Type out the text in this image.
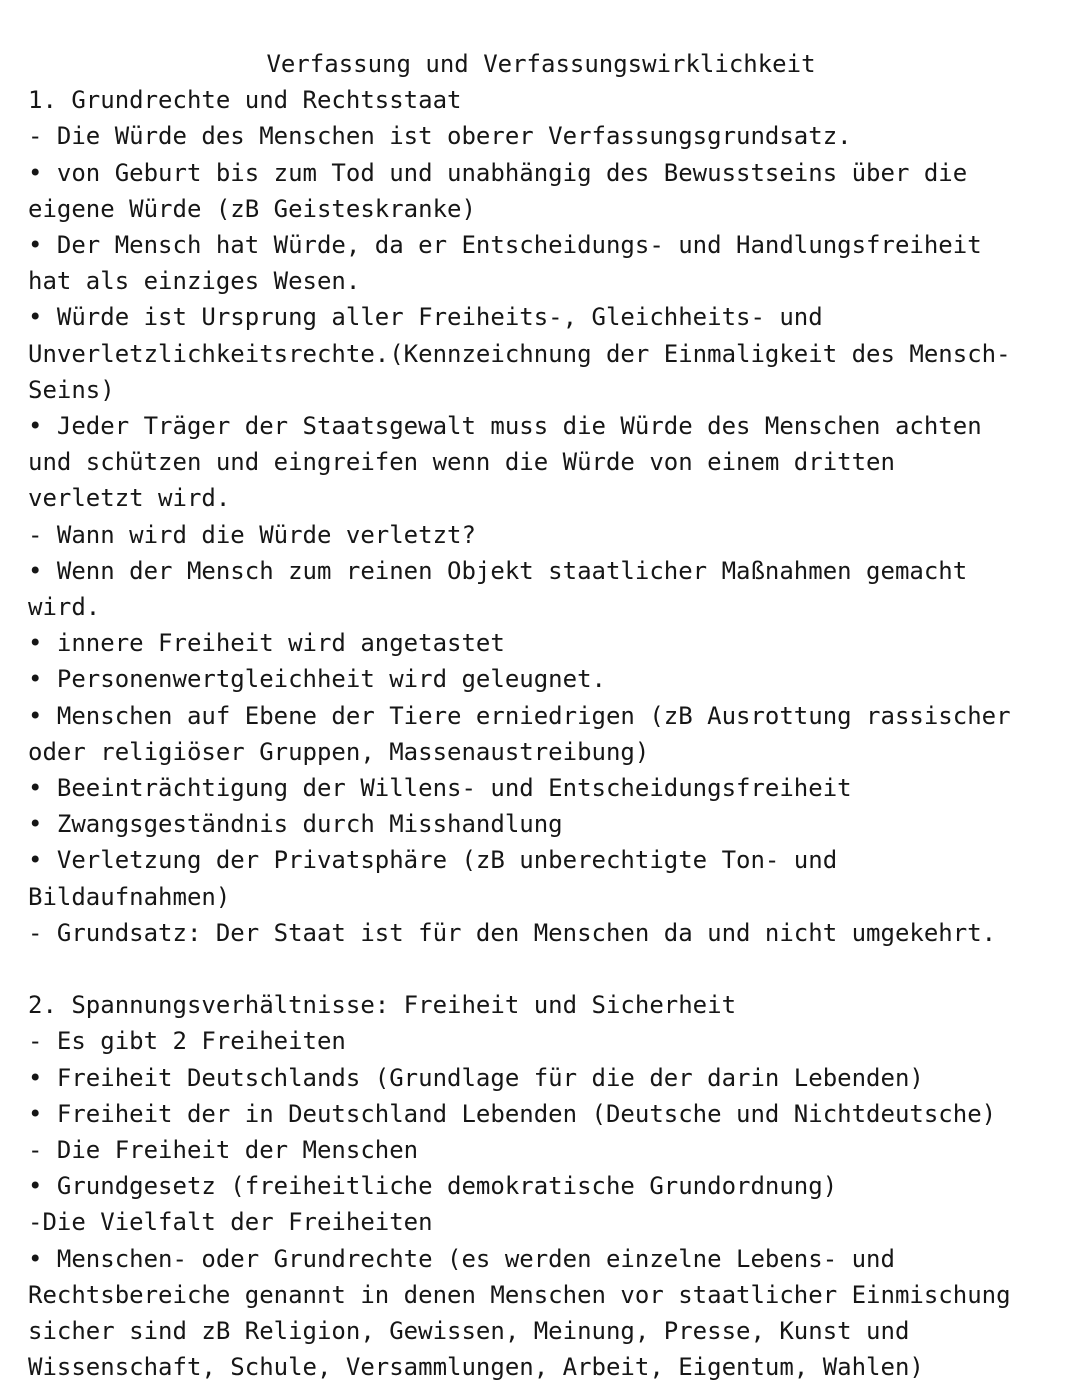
Verfassung und Verfassungswirklichkeit
1. Grundrechte und Rechtsstaat
- Die Würde des Menschen ist oberer Verfassungsgrundsatz.
• von Geburt bis zum Tod und unabhängig des Bewusstseins über die
eigene Würde (zB Geisteskranke)
• Der Mensch hat Würde, da er Entscheidungs- und Handlungsfreiheit
hat als einziges Wesen.
• Würde ist Ursprung aller Freiheits-, Gleichheits- und
Unverletzlichkeitsrechte.(Kennzeichnung der Einmaligkeit des Mensch-
Seins)
• Jeder Träger der Staatsgewalt muss die Würde des Menschen achten
und schützen und eingreifen wenn die Würde von einem dritten
verletzt wird.
- Wann wird die Würde verletzt?
• Wenn der Mensch zum reinen Objekt staatlicher Maßnahmen gemacht
wird.
• innere Freiheit wird angetastet
• Personenwertgleichheit wird geleugnet.
• Menschen auf Ebene der Tiere erniedrigen (zB Ausrottung rassischer
oder religiöser Gruppen, Massenaustreibung)
• Beeinträchtigung der Willens- und Entscheidungsfreiheit
• Zwangsgeständnis durch Misshandlung
• Verletzung der Privatsphäre (zB unberechtigte Ton- und
Bildaufnahmen)
- Grundsatz: Der Staat ist für den Menschen da und nicht umgekehrt.
2. Spannungsverhältnisse: Freiheit und Sicherheit
- Es gibt 2 Freiheiten
• Freiheit Deutschlands (Grundlage für die der darin Lebenden)
• Freiheit der in Deutschland Lebenden (Deutsche und Nichtdeutsche)
- Die Freiheit der Menschen
• Grundgesetz (freiheitliche demokratische Grundordnung)
-Die Vielfalt der Freiheiten
• Menschen- oder Grundrechte (es werden einzelne Lebens- und
Rechtsbereiche genannt in denen Menschen vor staatlicher Einmischung
sicher sind zB Religion, Gewissen, Meinung, Presse, Kunst und
Wissenschaft, Schule, Versammlungen, Arbeit, Eigentum, Wahlen)
